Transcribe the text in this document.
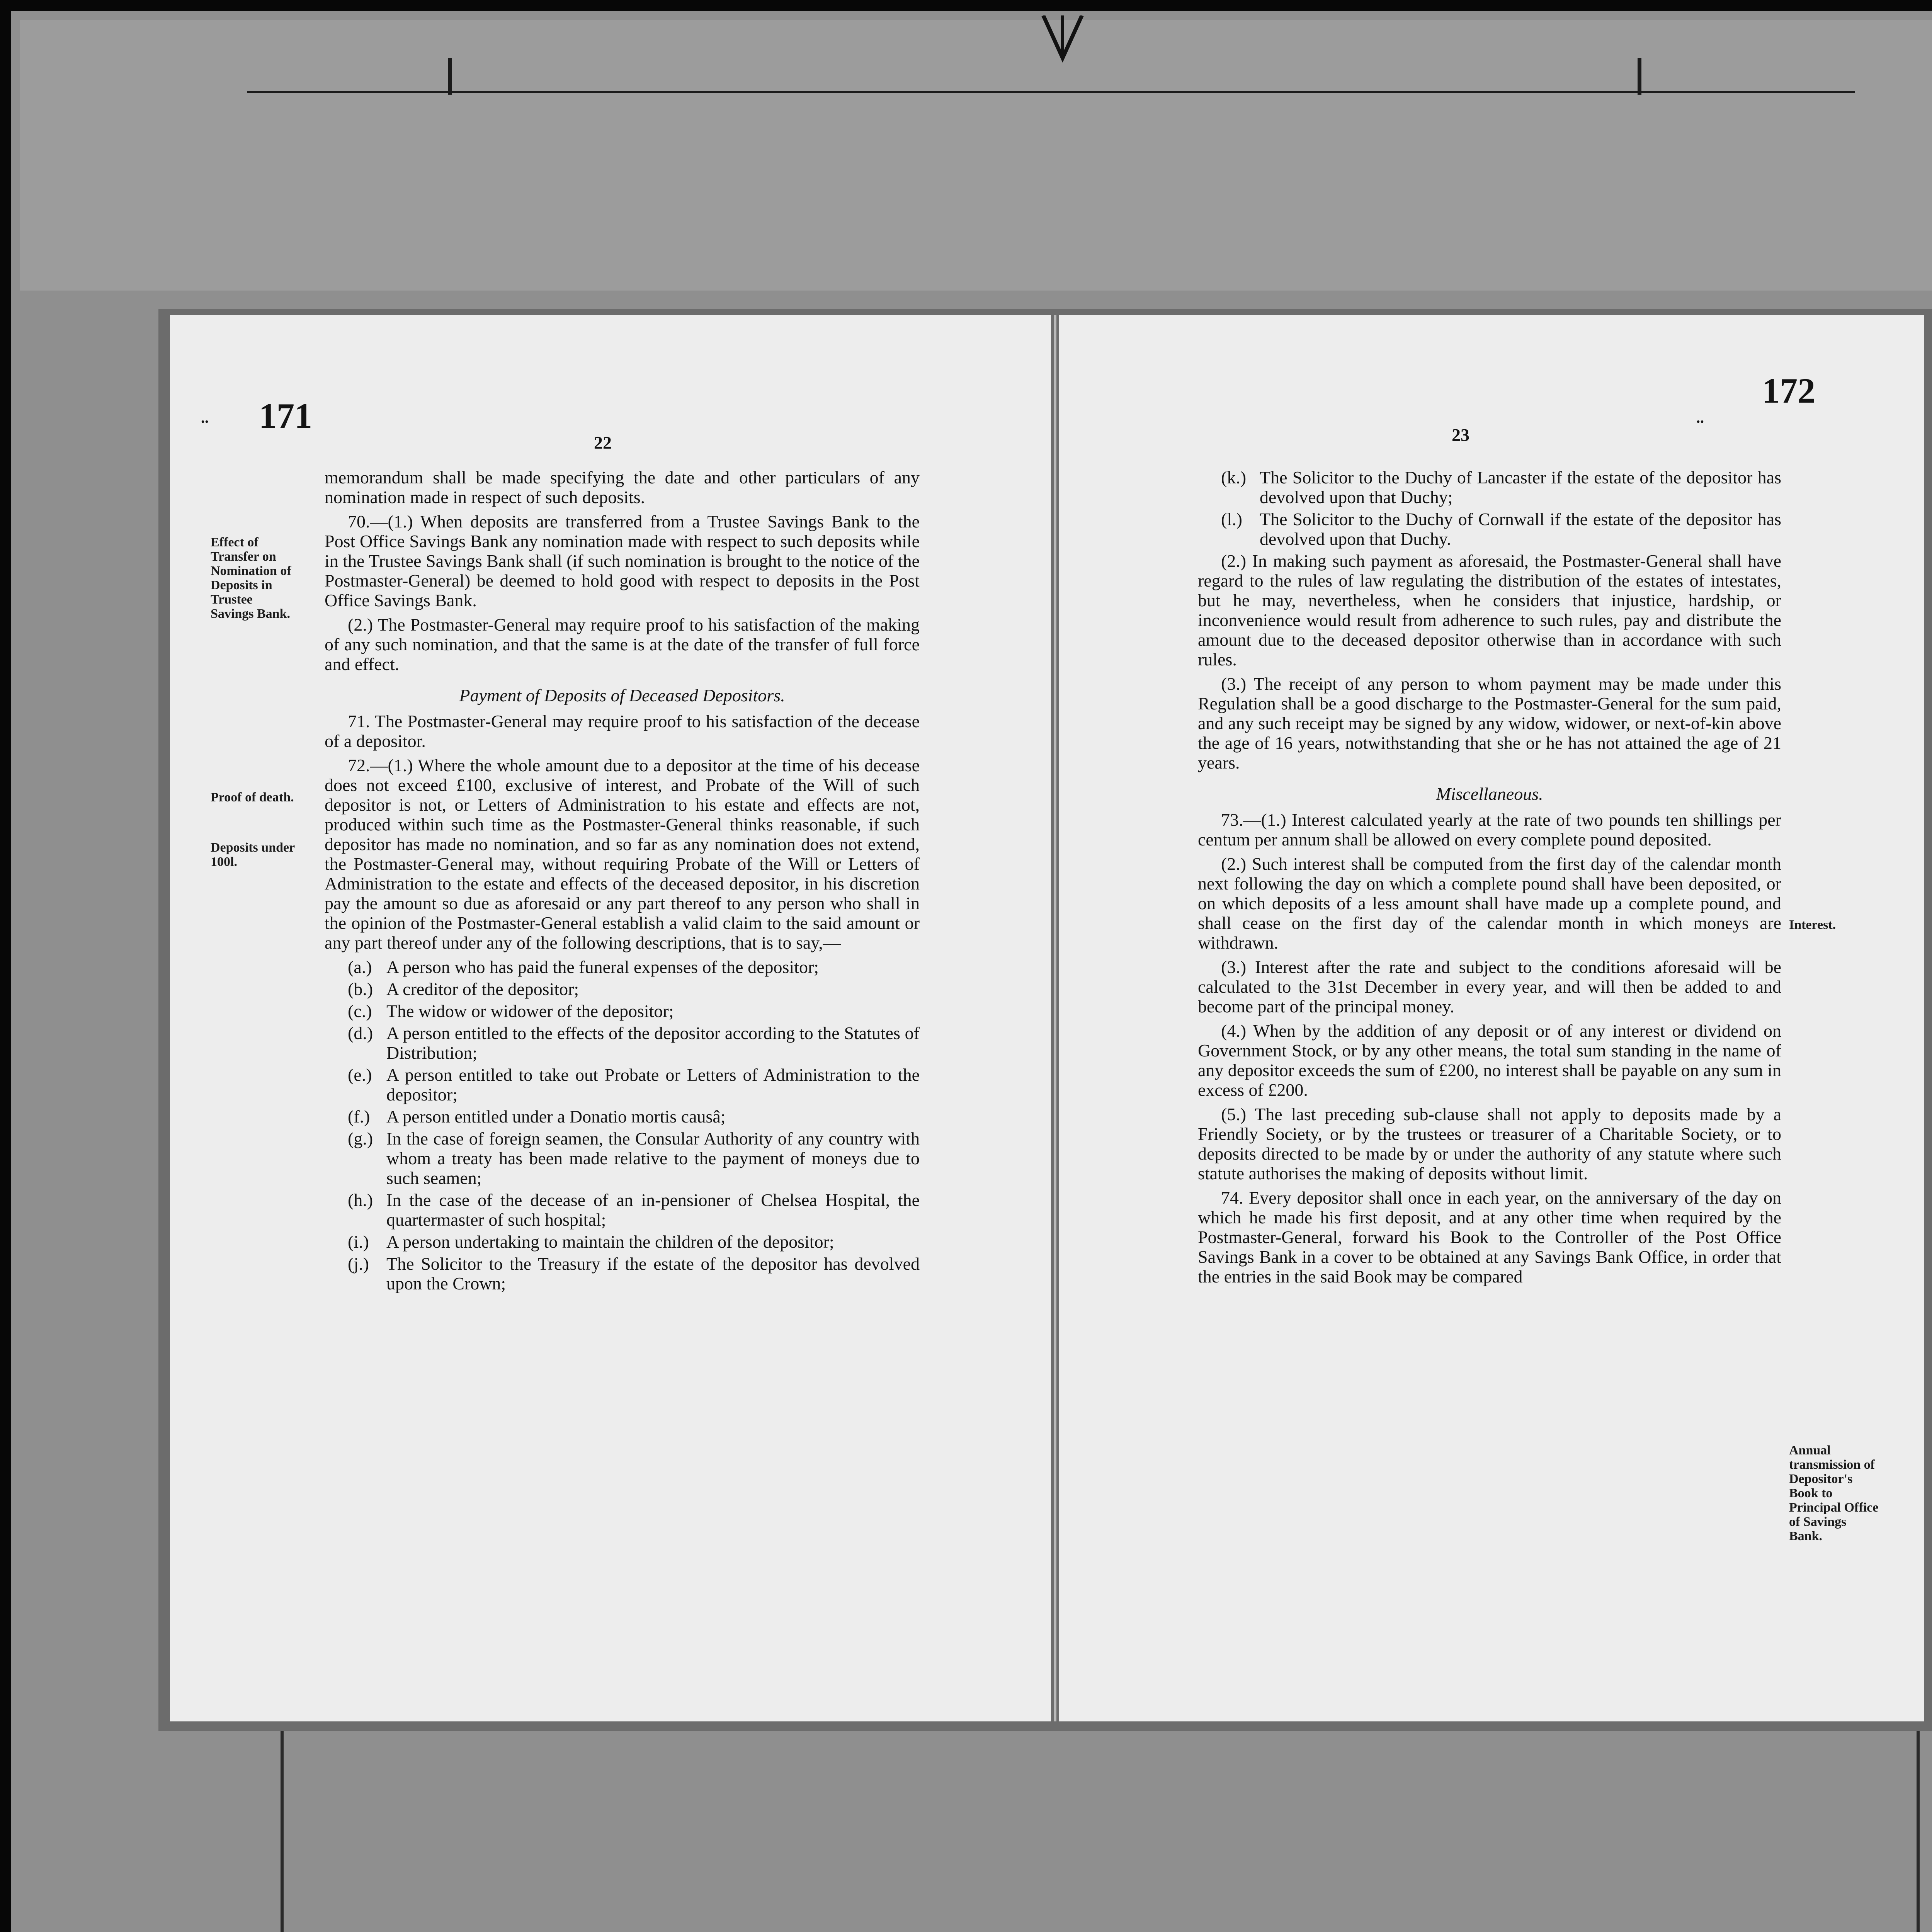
.. 171
22
Effect of Transfer on Nomination of Deposits in Trustee Savings Bank.
Proof of death.
Deposits under 100l.

memorandum shall be made specifying the date and other particulars of any nomination made in respect of such deposits.

70.—(1.) When deposits are transferred from a Trustee Savings Bank to the Post Office Savings Bank any nomination made with respect to such deposits while in the Trustee Savings Bank shall (if such nomination is brought to the notice of the Postmaster-General) be deemed to hold good with respect to deposits in the Post Office Savings Bank.

(2.) The Postmaster-General may require proof to his satisfaction of the making of any such nomination, and that the same is at the date of the transfer of full force and effect.

Payment of Deposits of Deceased Depositors.

71. The Postmaster-General may require proof to his satisfaction of the decease of a depositor.

72.—(1.) Where the whole amount due to a depositor at the time of his decease does not exceed £100, exclusive of interest, and Probate of the Will of such depositor is not, or Letters of Administration to his estate and effects are not, produced within such time as the Postmaster-General thinks reasonable, if such depositor has made no nomination, and so far as any nomination does not extend, the Postmaster-General may, without requiring Probate of the Will or Letters of Administration to the estate and effects of the deceased depositor, in his discretion pay the amount so due as aforesaid or any part thereof to any person who shall in the opinion of the Postmaster-General establish a valid claim to the said amount or any part thereof under any of the following descriptions, that is to say,—

(a.) A person who has paid the funeral expenses of the depositor;
(b.) A creditor of the depositor;
(c.) The widow or widower of the depositor;
(d.) A person entitled to the effects of the depositor according to the Statutes of Distribution;
(e.) A person entitled to take out Probate or Letters of Administration to the depositor;
(f.) A person entitled under a Donatio mortis causâ;
(g.) In the case of foreign seamen, the Consular Authority of any country with whom a treaty has been made relative to the payment of moneys due to such seamen;
(h.) In the case of the decease of an in-pensioner of Chelsea Hospital, the quartermaster of such hospital;
(i.) A person undertaking to maintain the children of the depositor;
(j.) The Solicitor to the Treasury if the estate of the depositor has devolved upon the Crown;
..
172
23
Interest.
Annual transmission of Depositor's Book to Principal Office of Savings Bank.
(k.) The Solicitor to the Duchy of Lancaster if the estate of the depositor has devolved upon that Duchy;
(l.) The Solicitor to the Duchy of Cornwall if the estate of the depositor has devolved upon that Duchy.

(2.) In making such payment as aforesaid, the Postmaster-General shall have regard to the rules of law regulating the distribution of the estates of intestates, but he may, nevertheless, when he considers that injustice, hardship, or inconvenience would result from adherence to such rules, pay and distribute the amount due to the deceased depositor otherwise than in accordance with such rules.

(3.) The receipt of any person to whom payment may be made under this Regulation shall be a good discharge to the Postmaster-General for the sum paid, and any such receipt may be signed by any widow, widower, or next-of-kin above the age of 16 years, notwithstanding that she or he has not attained the age of 21 years.

Miscellaneous.

73.—(1.) Interest calculated yearly at the rate of two pounds ten shillings per centum per annum shall be allowed on every complete pound deposited.

(2.) Such interest shall be computed from the first day of the calendar month next following the day on which a complete pound shall have been deposited, or on which deposits of a less amount shall have made up a complete pound, and shall cease on the first day of the calendar month in which moneys are withdrawn.

(3.) Interest after the rate and subject to the conditions aforesaid will be calculated to the 31st December in every year, and will then be added to and become part of the principal money.

(4.) When by the addition of any deposit or of any interest or dividend on Government Stock, or by any other means, the total sum standing in the name of any depositor exceeds the sum of £200, no interest shall be payable on any sum in excess of £200.

(5.) The last preceding sub-clause shall not apply to deposits made by a Friendly Society, or by the trustees or treasurer of a Charitable Society, or to deposits directed to be made by or under the authority of any statute where such statute authorises the making of deposits without limit.

74. Every depositor shall once in each year, on the anniversary of the day on which he made his first deposit, and at any other time when required by the Postmaster-General, forward his Book to the Controller of the Post Office Savings Bank in a cover to be obtained at any Savings Bank Office, in order that the entries in the said Book may be compared
